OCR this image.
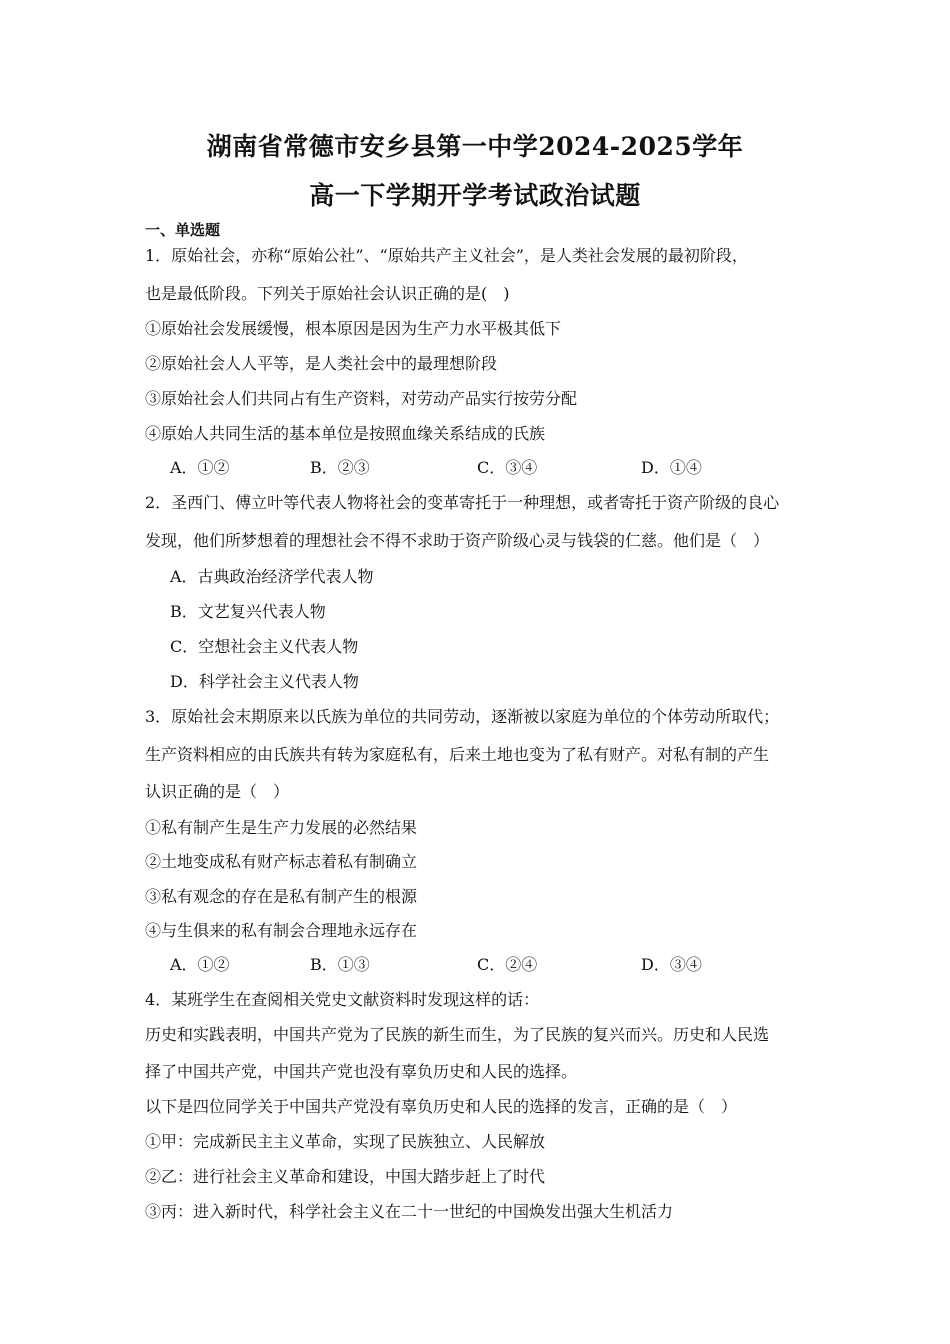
湖南省常德市安乡县第一中学2024-2025学年
高一下学期开学考试政治试题
一、单选题
1．原始社会，亦称“原始公社”、“原始共产主义社会”，是人类社会发展的最初阶段，
也是最低阶段。下列关于原始社会认识正确的是(　)
①原始社会发展缓慢，根本原因是因为生产力水平极其低下
②原始社会人人平等，是人类社会中的最理想阶段
③原始社会人们共同占有生产资料，对劳动产品实行按劳分配
④原始人共同生活的基本单位是按照血缘关系结成的氏族
A．①②	B．②③	C．③④	D．①④
2．圣西门、傅立叶等代表人物将社会的变革寄托于一种理想，或者寄托于资产阶级的良心
发现，他们所梦想着的理想社会不得不求助于资产阶级心灵与钱袋的仁慈。他们是（　）
A．古典政治经济学代表人物
B．文艺复兴代表人物
C．空想社会主义代表人物
D．科学社会主义代表人物
3．原始社会末期原来以氏族为单位的共同劳动，逐渐被以家庭为单位的个体劳动所取代；
生产资料相应的由氏族共有转为家庭私有，后来土地也变为了私有财产。对私有制的产生
认识正确的是（　）
①私有制产生是生产力发展的必然结果
②土地变成私有财产标志着私有制确立
③私有观念的存在是私有制产生的根源
④与生俱来的私有制会合理地永远存在
A．①②	B．①③	C．②④	D．③④
4．某班学生在查阅相关党史文献资料时发现这样的话：
历史和实践表明，中国共产党为了民族的新生而生，为了民族的复兴而兴。历史和人民选
择了中国共产党，中国共产党也没有辜负历史和人民的选择。
以下是四位同学关于中国共产党没有辜负历史和人民的选择的发言，正确的是（　）
①甲：完成新民主主义革命，实现了民族独立、人民解放
②乙：进行社会主义革命和建设，中国大踏步赶上了时代
③丙：进入新时代，科学社会主义在二十一世纪的中国焕发出强大生机活力
